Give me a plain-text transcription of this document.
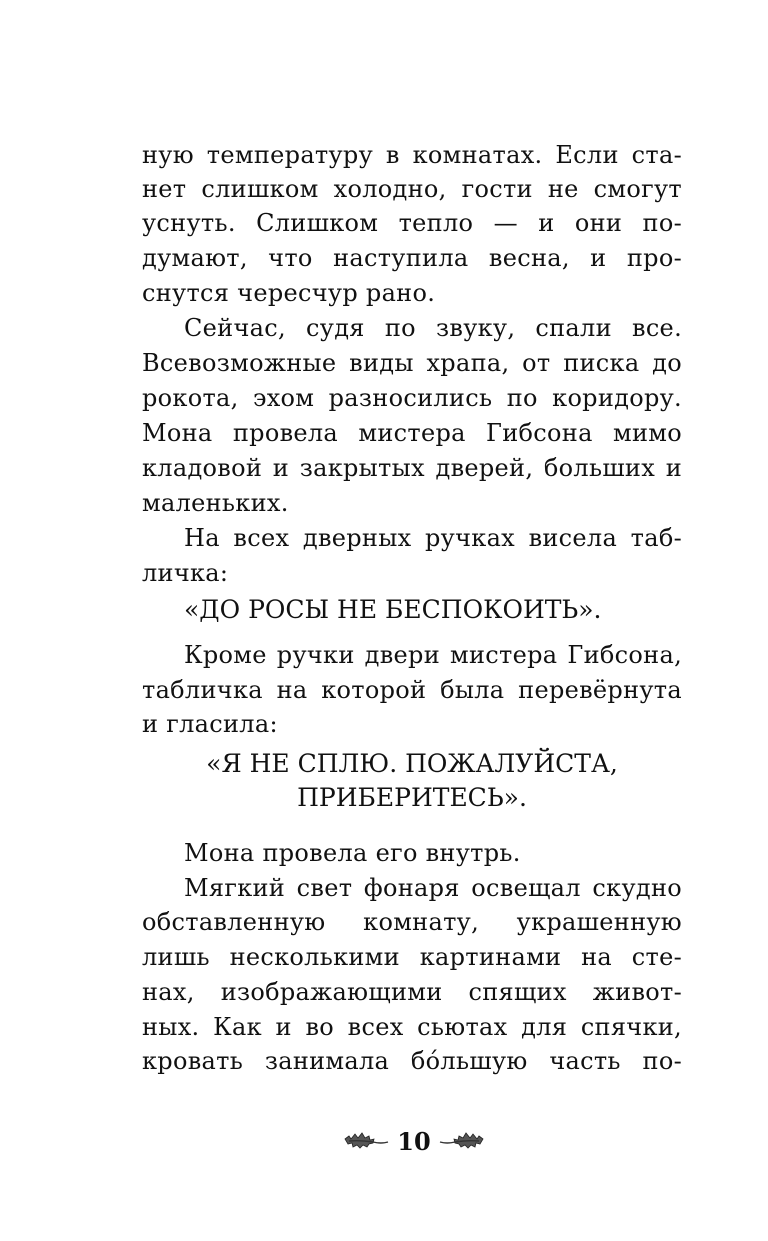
ную температуру в комнатах. Если ста-
нет слишком холодно, гости не смогут
уснуть. Слишком тепло — и они по-
думают, что наступила весна, и про-
снутся чересчур рано.
Сейчас, судя по звуку, спали все.
Всевозможные виды храпа, от писка до
рокота, эхом разносились по коридору.
Мона провела мистера Гибсона мимо
кладовой и закрытых дверей, больших и
маленьких.
На всех дверных ручках висела таб-
личка:
«ДО РОСЫ НЕ БЕСПОКОИТЬ».
Кроме ручки двери мистера Гибсона,
табличка на которой была перевёрнута
и гласила:
«Я НЕ СПЛЮ. ПОЖАЛУЙСТА,
ПРИБЕРИТЕСЬ».
Мона провела его внутрь.
Мягкий свет фонаря освещал скудно
обставленную комнату, украшенную
лишь несколькими картинами на сте-
нах, изображающими спящих живот-
ных. Как и во всех сьютах для спячки,
кровать занимала бóльшую часть по-
10
